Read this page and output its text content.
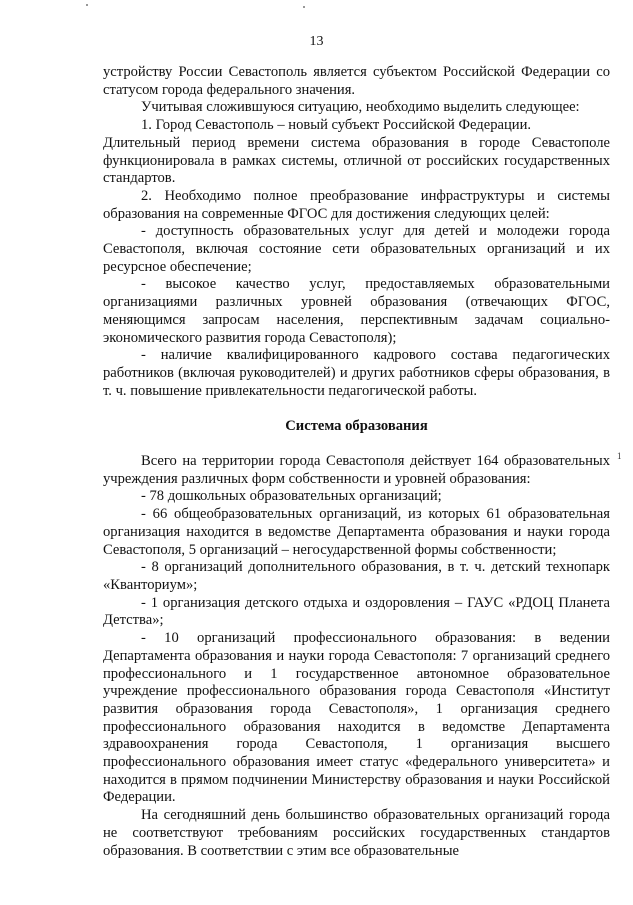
13

устройству России Севастополь является субъектом Российской Федерации со статусом города федерального значения.

Учитывая сложившуюся ситуацию, необходимо выделить следующее:

1. Город Севастополь – новый субъект Российской Федерации.

Длительный период времени система образования в городе Севастополе функционировала в рамках системы, отличной от российских государственных стандартов.

2. Необходимо полное преобразование инфраструктуры и системы образования на современные ФГОС для достижения следующих целей:

- доступность образовательных услуг для детей и молодежи города Севастополя, включая состояние сети образовательных организаций и их ресурсное обеспечение;

- высокое качество услуг, предоставляемых образовательными организациями различных уровней образования (отвечающих ФГОС, меняющимся запросам населения, перспективным задачам социально-экономического развития города Севастополя);

- наличие квалифицированного кадрового состава педагогических работников (включая руководителей) и других работников сферы образования, в т. ч. повышение привлекательности педагогической работы.

Система образования

Всего на территории города Севастополя действует 164 образовательных учреждения различных форм собственности и уровней образования:

- 78 дошкольных образовательных организаций;

- 66 общеобразовательных организаций, из которых 61 образовательная организация находится в ведомстве Департамента образования и науки города Севастополя, 5 организаций – негосударственной формы собственности;

- 8 организаций дополнительного образования, в т. ч. детский технопарк «Кванториум»;

- 1 организация детского отдыха и оздоровления – ГАУС «РДОЦ Планета Детства»;

- 10 организаций профессионального образования: в ведении Департамента образования и науки города Севастополя: 7 организаций среднего профессионального и 1 государственное автономное образовательное учреждение профессионального образования города Севастополя «Институт развития образования города Севастополя», 1 организация среднего профессионального образования находится в ведомстве Департамента здравоохранения города Севастополя, 1 организация высшего профессионального образования имеет статус «федерального университета» и находится в прямом подчинении Министерству образования и науки Российской Федерации.

На сегодняшний день большинство образовательных организаций города не соответствуют требованиям российских государственных стандартов образования. В соответствии с этим все образовательные

1
